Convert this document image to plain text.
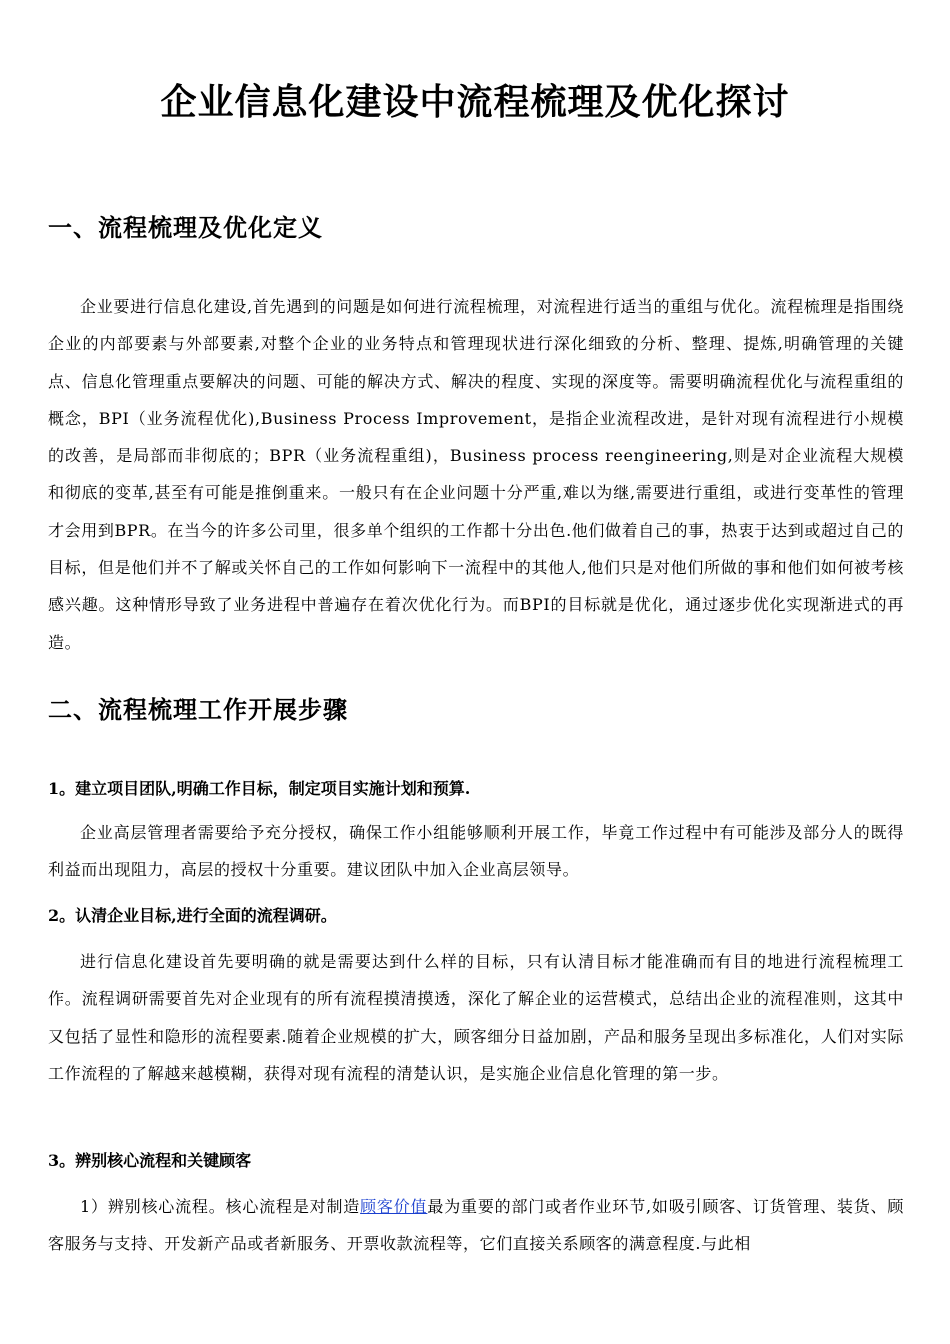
企业信息化建设中流程梳理及优化探讨
一、流程梳理及优化定义

企业要进行信息化建设,首先遇到的问题是如何进行流程梳理，对流程进行适当的重组与优化。流程梳理是指围绕企业的内部要素与外部要素,对整个企业的业务特点和管理现状进行深化细致的分析、整理、提炼,明确管理的关键点、信息化管理重点要解决的问题、可能的解决方式、解决的程度、实现的深度等。需要明确流程优化与流程重组的概念，BPI（业务流程优化),Business Process Improvement，是指企业流程改进，是针对现有流程进行小规模的改善，是局部而非彻底的；BPR（业务流程重组)，Business process reengineering,则是对企业流程大规模和彻底的变革,甚至有可能是推倒重来。一般只有在企业问题十分严重,难以为继,需要进行重组，或进行变革性的管理才会用到BPR。在当今的许多公司里，很多单个组织的工作都十分出色.他们做着自己的事，热衷于达到或超过自己的目标，但是他们并不了解或关怀自己的工作如何影响下一流程中的其他人,他们只是对他们所做的事和他们如何被考核感兴趣。这种情形导致了业务进程中普遍存在着次优化行为。而BPI的目标就是优化，通过逐步优化实现渐进式的再造。

二、流程梳理工作开展步骤
1。建立项目团队,明确工作目标，制定项目实施计划和预算.

企业高层管理者需要给予充分授权，确保工作小组能够顺利开展工作，毕竟工作过程中有可能涉及部分人的既得利益而出现阻力，高层的授权十分重要。建议团队中加入企业高层领导。

2。认清企业目标,进行全面的流程调研。

进行信息化建设首先要明确的就是需要达到什么样的目标，只有认清目标才能准确而有目的地进行流程梳理工作。流程调研需要首先对企业现有的所有流程摸清摸透，深化了解企业的运营模式，总结出企业的流程准则，这其中又包括了显性和隐形的流程要素.随着企业规模的扩大，顾客细分日益加剧，产品和服务呈现出多标准化，人们对实际工作流程的了解越来越模糊，获得对现有流程的清楚认识，是实施企业信息化管理的第一步。

3。辨别核心流程和关键顾客

1）辨别核心流程。核心流程是对制造顾客价值最为重要的部门或者作业环节,如吸引顾客、订货管理、装货、顾客服务与支持、开发新产品或者新服务、开票收款流程等，它们直接关系顾客的满意程度.与此相
